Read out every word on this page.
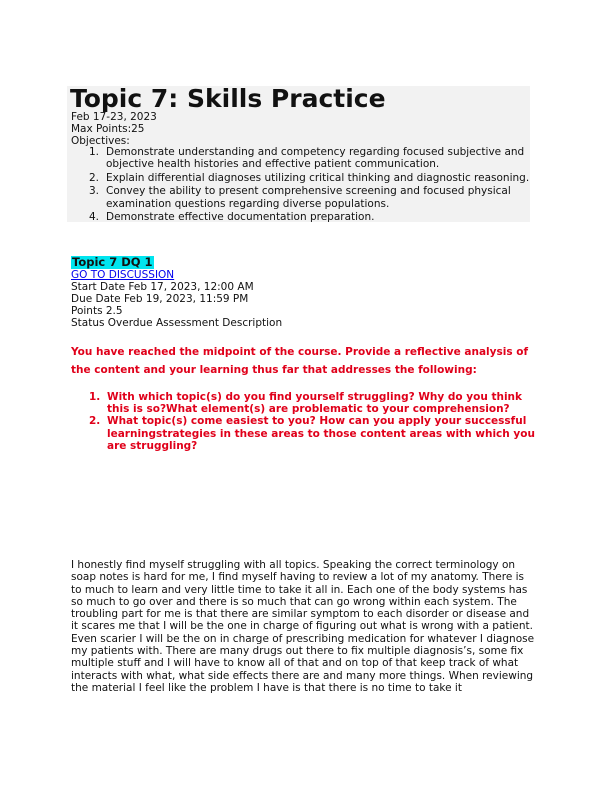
Topic 7: Skills Practice
Feb 17-23, 2023
Max Points:25
Objectives:
1. Demonstrate understanding and competency regarding focused subjective and objective health histories and effective patient communication.
2. Explain differential diagnoses utilizing critical thinking and diagnostic reasoning.
3. Convey the ability to present comprehensive screening and focused physical examination questions regarding diverse populations.
4. Demonstrate effective documentation preparation.
Topic 7 DQ 1
GO TO DISCUSSION
Start Date Feb 17, 2023, 12:00 AM
Due Date Feb 19, 2023, 11:59 PM
Points 2.5
Status Overdue Assessment Description

You have reached the midpoint of the course. Provide a reflective analysis of the content and your learning thus far that addresses the following:

1. With which topic(s) do you find yourself struggling? Why do you think this is so?What element(s) are problematic to your comprehension?
2. What topic(s) come easiest to you? How can you apply your successful learningstrategies in these areas to those content areas with which you are struggling?

I honestly find myself struggling with all topics. Speaking the correct terminology on soap notes is hard for me, I find myself having to review a lot of my anatomy. There is to much to learn and very little time to take it all in. Each one of the body systems has so much to go over and there is so much that can go wrong within each system. The troubling part for me is that there are similar symptom to each disorder or disease and it scares me that I will be the one in charge of figuring out what is wrong with a patient. Even scarier I will be the on in charge of prescribing medication for whatever I diagnose my patients with. There are many drugs out there to fix multiple diagnosis’s, some fix multiple stuff and I will have to know all of that and on top of that keep track of what interacts with what, what side effects there are and many more things. When reviewing the material I feel like the problem I have is that there is no time to take it
